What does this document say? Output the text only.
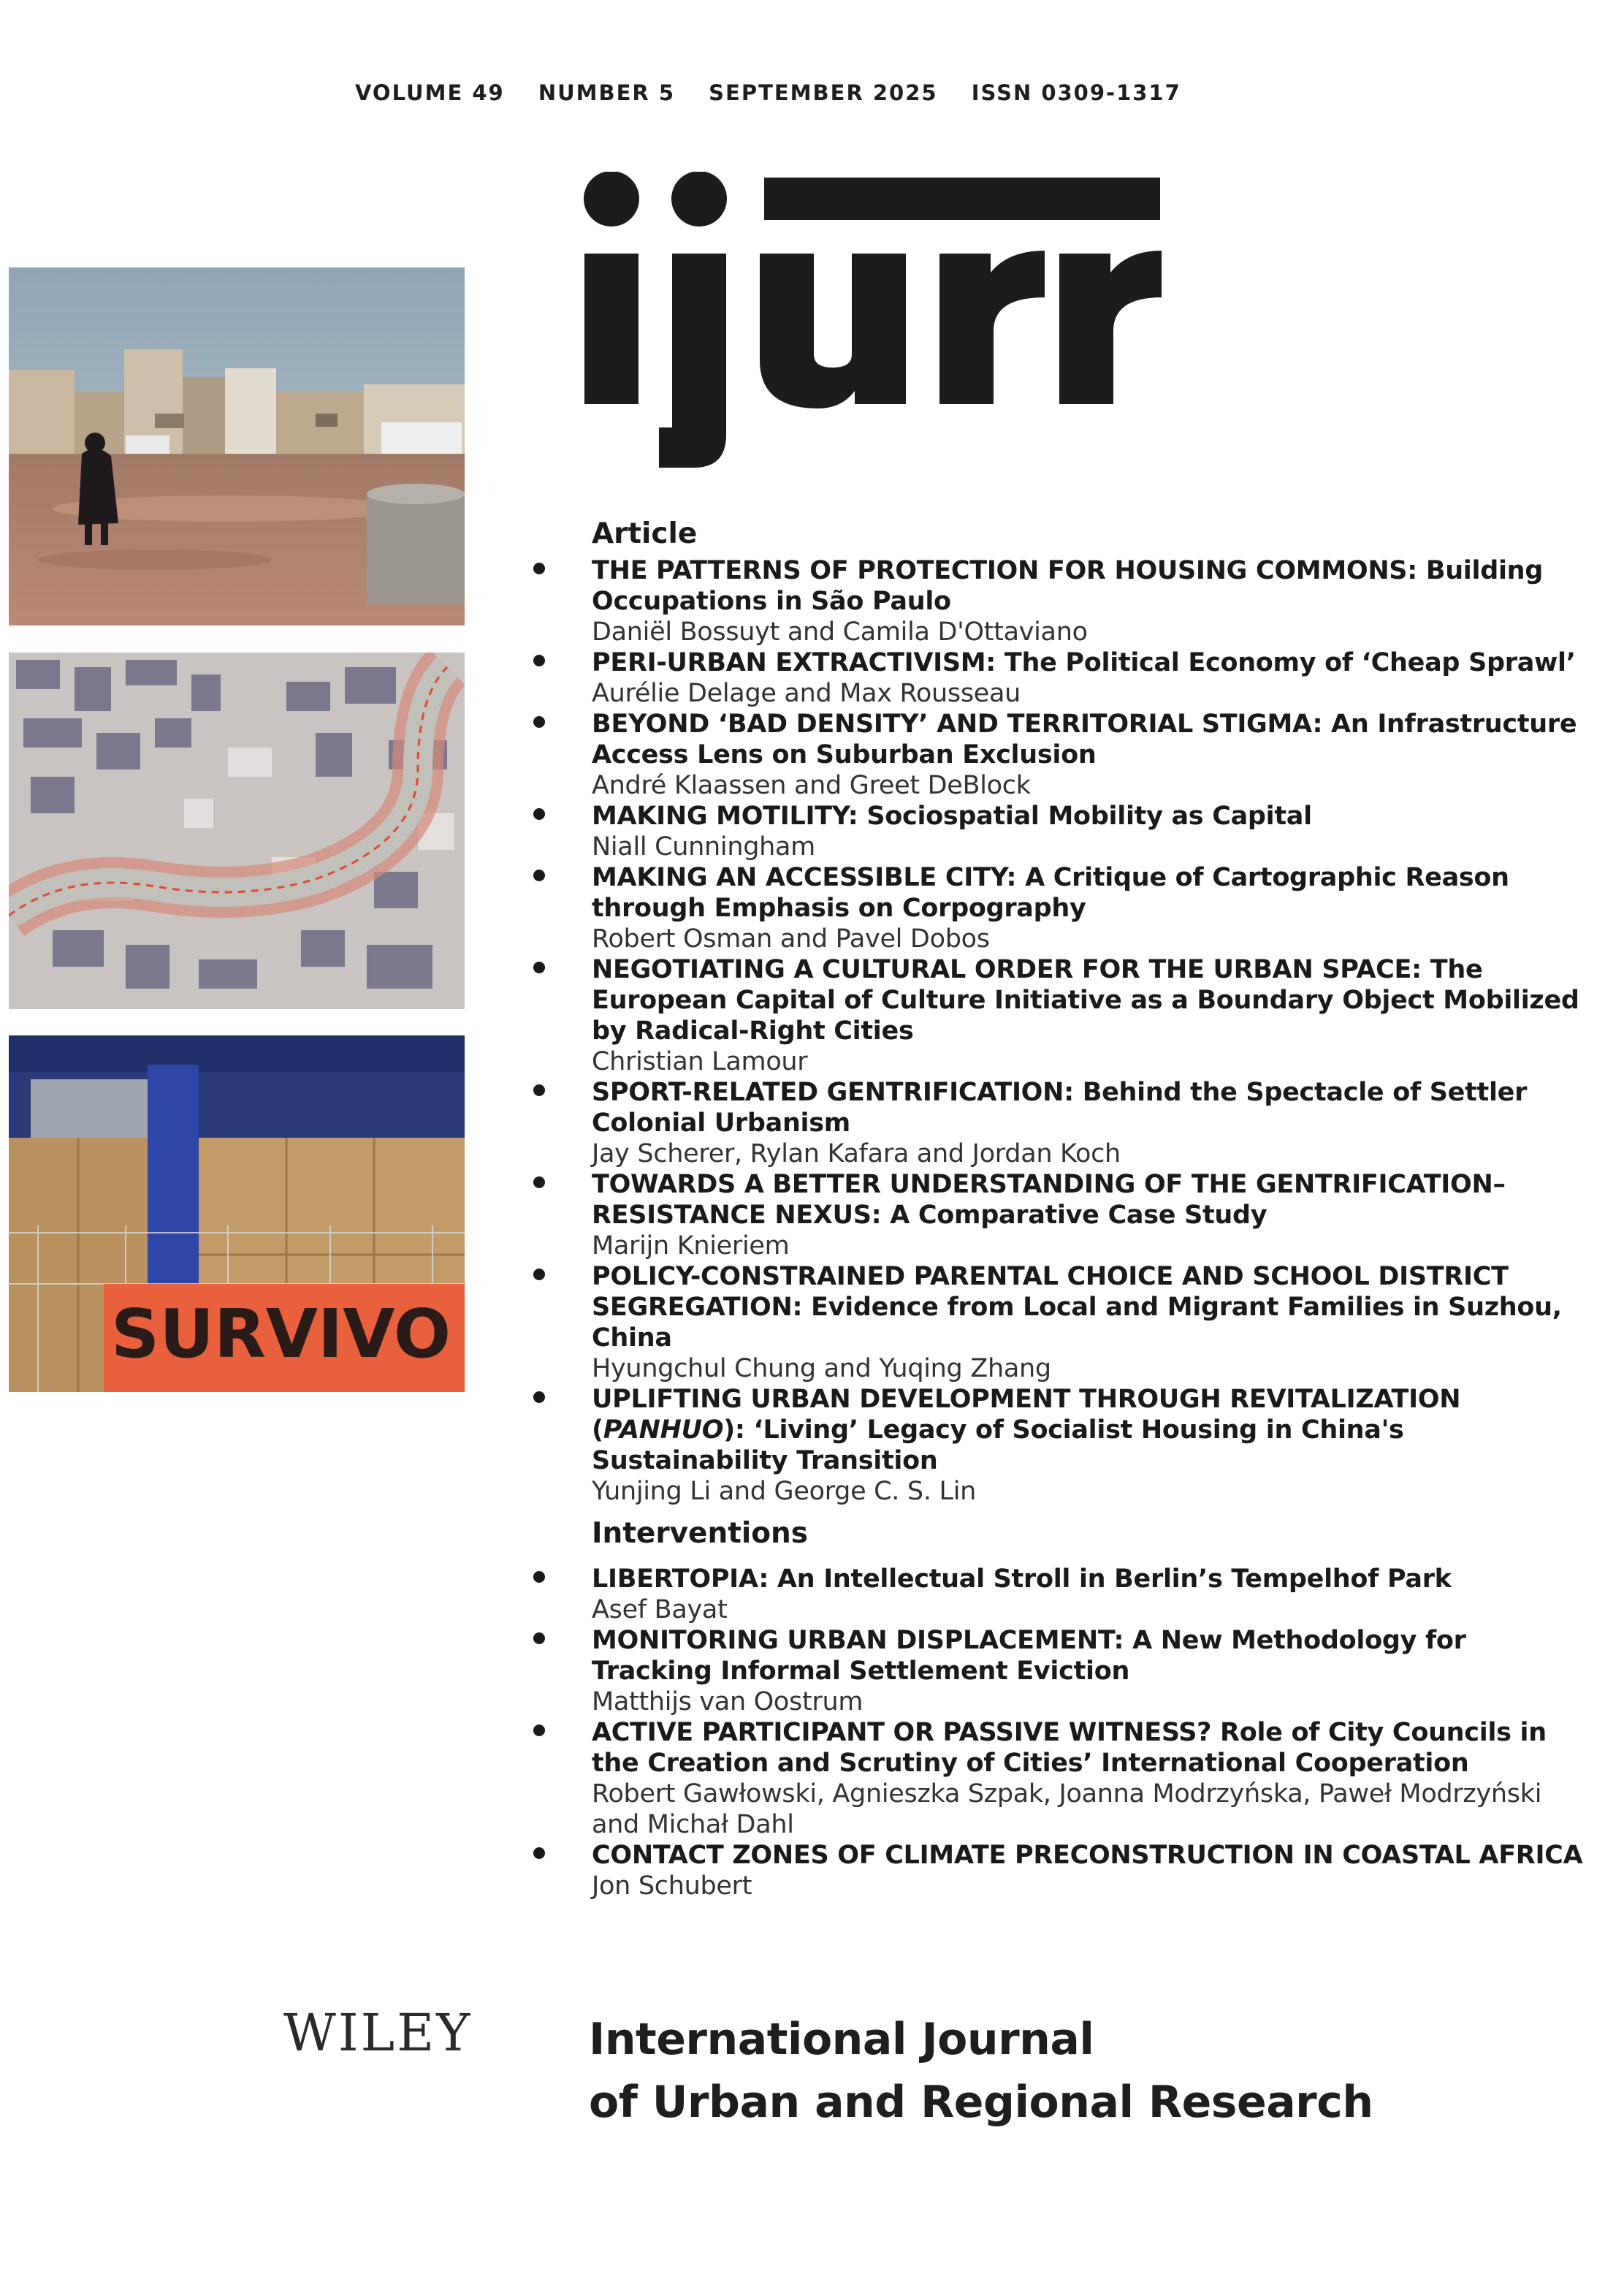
VOLUME 49 NUMBER 5 SEPTEMBER 2025 ISSN 0309-1317
SURVIVO
Article
THE PATTERNS OF PROTECTION FOR HOUSING COMMONS: Building Occupations in São Paulo
Daniël Bossuyt and Camila D'Ottaviano
PERI-URBAN EXTRACTIVISM: The Political Economy of ‘Cheap Sprawl’
Aurélie Delage and Max Rousseau
BEYOND ‘BAD DENSITY’ AND TERRITORIAL STIGMA: An Infrastructure Access Lens on Suburban Exclusion
André Klaassen and Greet DeBlock
MAKING MOTILITY: Sociospatial Mobility as Capital
Niall Cunningham
MAKING AN ACCESSIBLE CITY: A Critique of Cartographic Reason through Emphasis on Corpography
Robert Osman and Pavel Dobos
NEGOTIATING A CULTURAL ORDER FOR THE URBAN SPACE: The European Capital of Culture Initiative as a Boundary Object Mobilized by Radical-Right Cities
Christian Lamour
SPORT-RELATED GENTRIFICATION: Behind the Spectacle of Settler Colonial Urbanism
Jay Scherer, Rylan Kafara and Jordan Koch
TOWARDS A BETTER UNDERSTANDING OF THE GENTRIFICATION–RESISTANCE NEXUS: A Comparative Case Study
Marijn Knieriem
POLICY-CONSTRAINED PARENTAL CHOICE AND SCHOOL DISTRICT SEGREGATION: Evidence from Local and Migrant Families in Suzhou, China
Hyungchul Chung and Yuqing Zhang
UPLIFTING URBAN DEVELOPMENT THROUGH REVITALIZATION (PANHUO): ‘Living’ Legacy of Socialist Housing in China's Sustainability Transition
Yunjing Li and George C. S. Lin
Interventions
LIBERTOPIA: An Intellectual Stroll in Berlin’s Tempelhof Park
Asef Bayat
MONITORING URBAN DISPLACEMENT: A New Methodology for Tracking Informal Settlement Eviction
Matthijs van Oostrum
ACTIVE PARTICIPANT OR PASSIVE WITNESS? Role of City Councils in the Creation and Scrutiny of Cities’ International Cooperation
Robert Gawłowski, Agnieszka Szpak, Joanna Modrzyńska, Paweł Modrzyński and Michał Dahl
CONTACT ZONES OF CLIMATE PRECONSTRUCTION IN COASTAL AFRICA
Jon Schubert
WILEY	International Journal
of Urban and Regional Research
